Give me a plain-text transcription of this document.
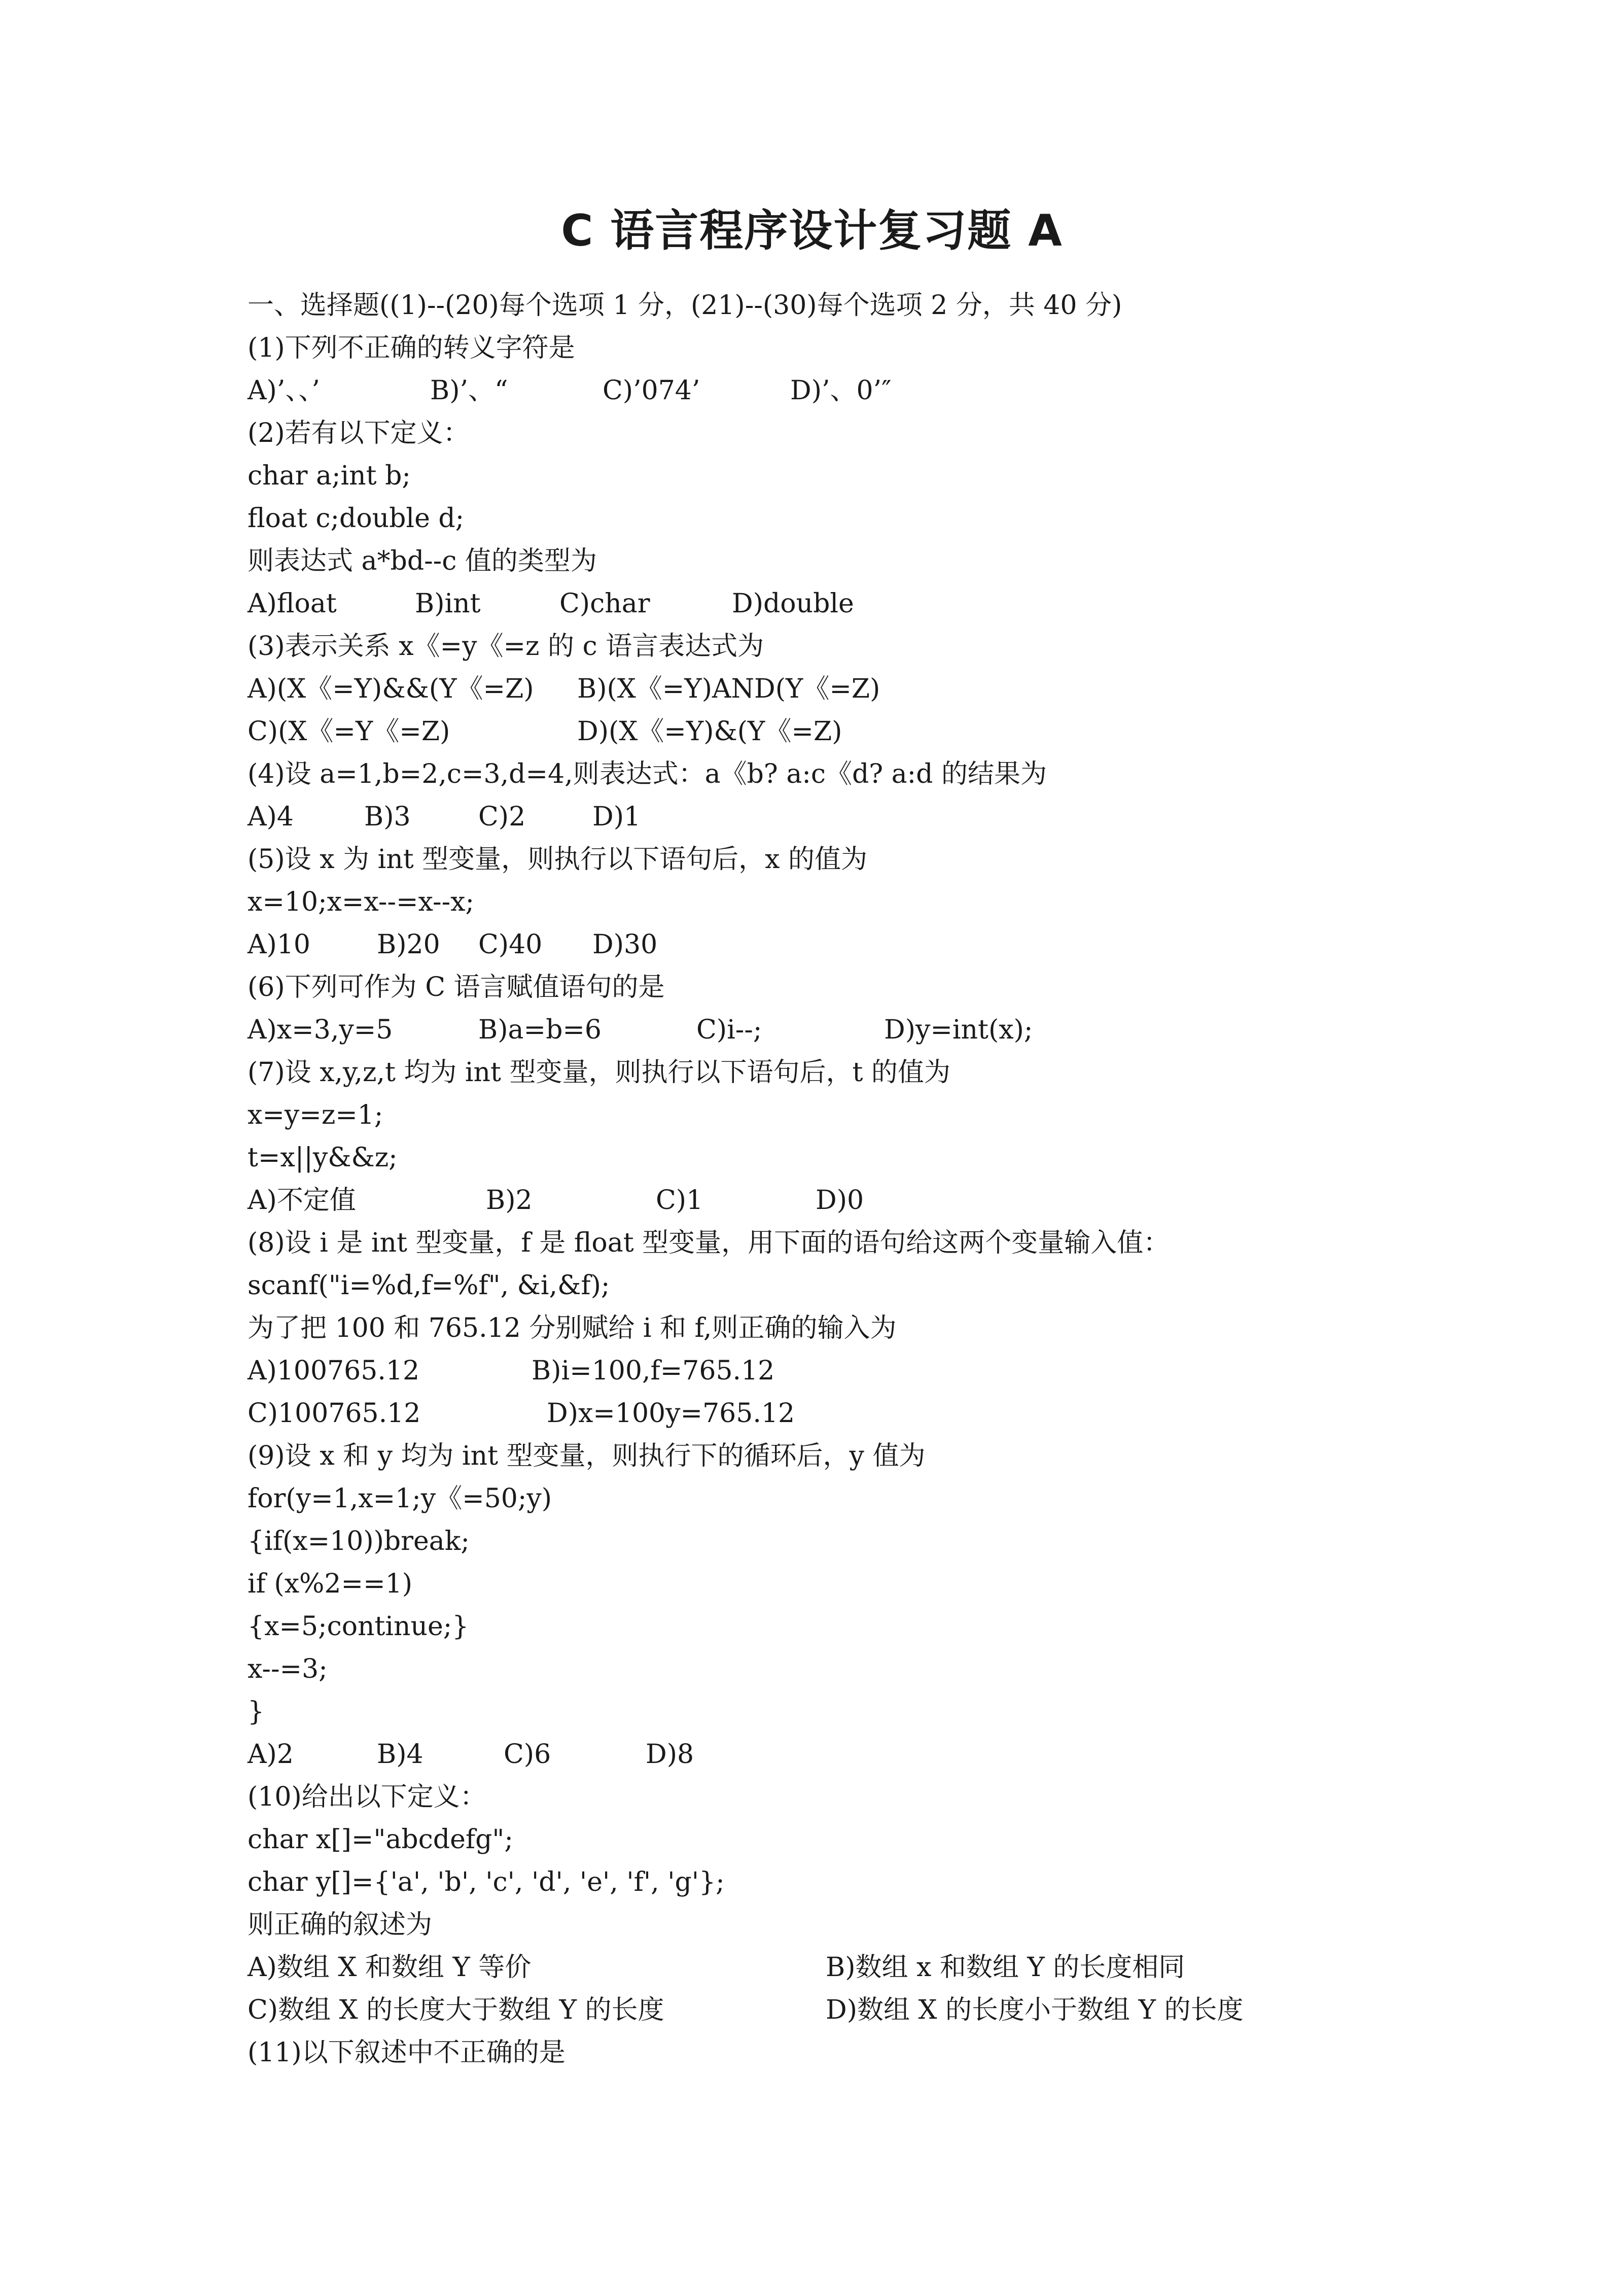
C 语言程序设计复习题 A
一、选择题((1)--(20)每个选项 1 分，(21)--(30)每个选项 2 分，共 40 分)
(1)下列不正确的转义字符是
A)’、、’	B)’、“	C)’074’	D)’、0’″
(2)若有以下定义：
char a;int b;
float c;double d;
则表达式 a*bd--c 值的类型为
A)float	B)int	C)char	D)double
(3)表示关系 x《=y《=z 的 c 语言表达式为
A)(X《=Y)&&(Y《=Z)	B)(X《=Y)AND(Y《=Z)
C)(X《=Y《=Z)	D)(X《=Y)&(Y《=Z)
(4)设 a=1,b=2,c=3,d=4,则表达式：a《b? a:c《d? a:d 的结果为
A)4	B)3	C)2	D)1
(5)设 x 为 int 型变量，则执行以下语句后，x 的值为
x=10;x=x--=x--x;
A)10	B)20	C)40	D)30
(6)下列可作为 C 语言赋值语句的是
A)x=3,y=5	B)a=b=6	C)i--;	D)y=int(x);
(7)设 x,y,z,t 均为 int 型变量，则执行以下语句后，t 的值为
x=y=z=1;
t=x||y&&z;
A)不定值	B)2	C)1	D)0
(8)设 i 是 int 型变量，f 是 float 型变量，用下面的语句给这两个变量输入值：
scanf("i=%d,f=%f", &i,&f);
为了把 100 和 765.12 分别赋给 i 和 f,则正确的输入为
A)100765.12	B)i=100,f=765.12
C)100765.12	D)x=100y=765.12
(9)设 x 和 y 均为 int 型变量，则执行下的循环后，y 值为
for(y=1,x=1;y《=50;y)
{if(x=10))break;
if (x%2==1)
{x=5;continue;}
x--=3;
}
A)2	B)4	C)6	D)8
(10)给出以下定义：
char x[]="abcdefg";
char y[]={'a', 'b', 'c', 'd', 'e', 'f', 'g'};
则正确的叙述为
A)数组 X 和数组 Y 等价	B)数组 x 和数组 Y 的长度相同
C)数组 X 的长度大于数组 Y 的长度	D)数组 X 的长度小于数组 Y 的长度
(11)以下叙述中不正确的是
